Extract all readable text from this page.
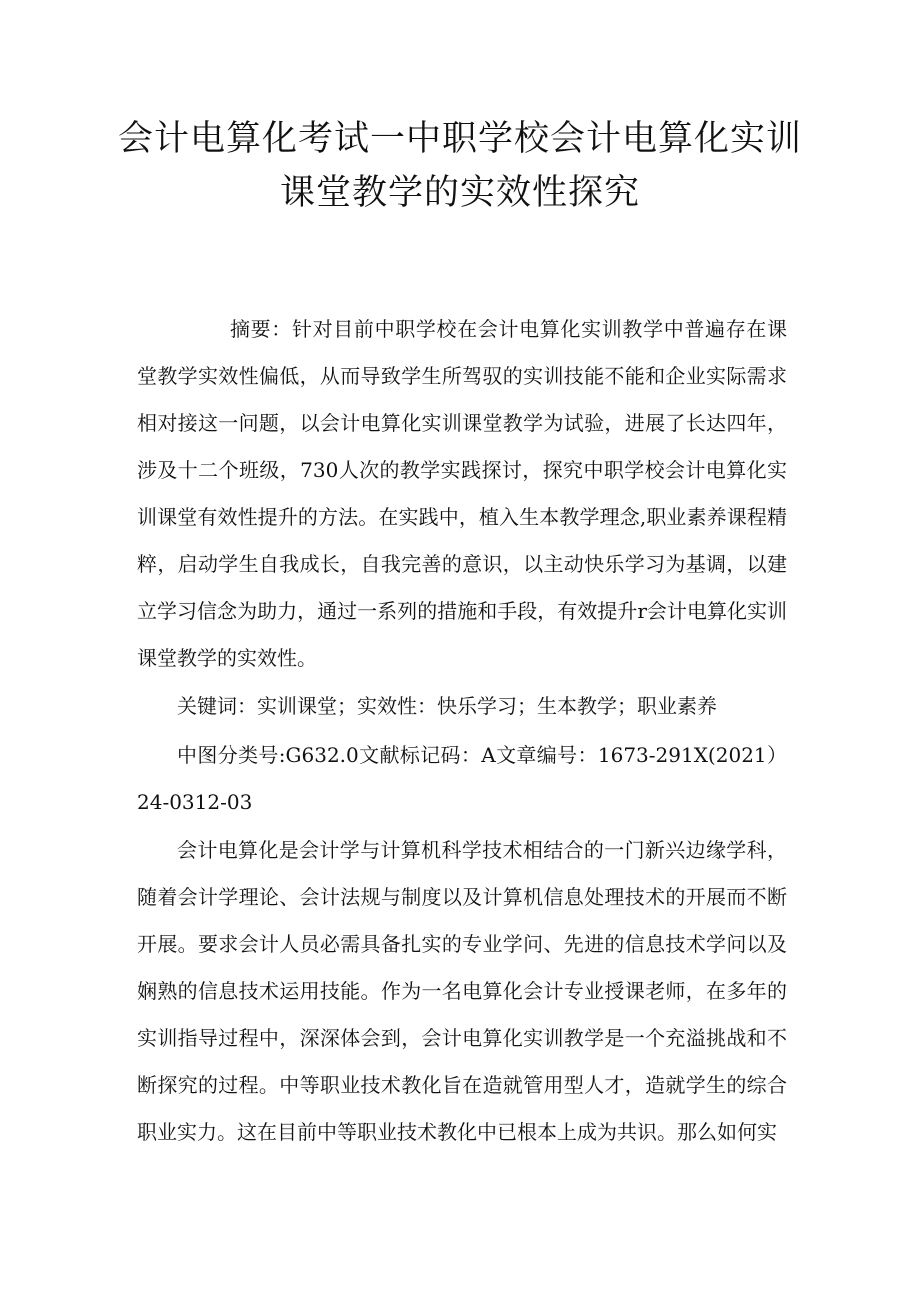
会计电算化考试一中职学校会计电算化实训
课堂教学的实效性探究

摘要：针对目前中职学校在会计电算化实训教学中普遍存在课堂教学实效性偏低，从而导致学生所驾驭的实训技能不能和企业实际需求相对接这一问题，以会计电算化实训课堂教学为试验，进展了长达四年，涉及十二个班级，730人次的教学实践探讨，探究中职学校会计电算化实训课堂有效性提升的方法。在实践中，植入生本教学理念,职业素养课程精粹，启动学生自我成长，自我完善的意识，以主动快乐学习为基调，以建立学习信念为助力，通过一系列的措施和手段，有效提升r会计电算化实训课堂教学的实效性。

关键词：实训课堂；实效性：快乐学习；生本教学；职业素养

中图分类号:G632.0文献标记码：A文章编号：1673-291X(2021）24-0312-03

会计电算化是会计学与计算机科学技术相结合的一门新兴边缘学科，随着会计学理论、会计法规与制度以及计算机信息处理技术的开展而不断开展。要求会计人员必需具备扎实的专业学问、先进的信息技术学问以及娴熟的信息技术运用技能。作为一名电算化会计专业授课老师，在多年的实训指导过程中，深深体会到，会计电算化实训教学是一个充溢挑战和不断探究的过程。中等职业技术教化旨在造就管用型人才，造就学生的综合职业实力。这在目前中等职业技术教化中已根本上成为共识。那么如何实
